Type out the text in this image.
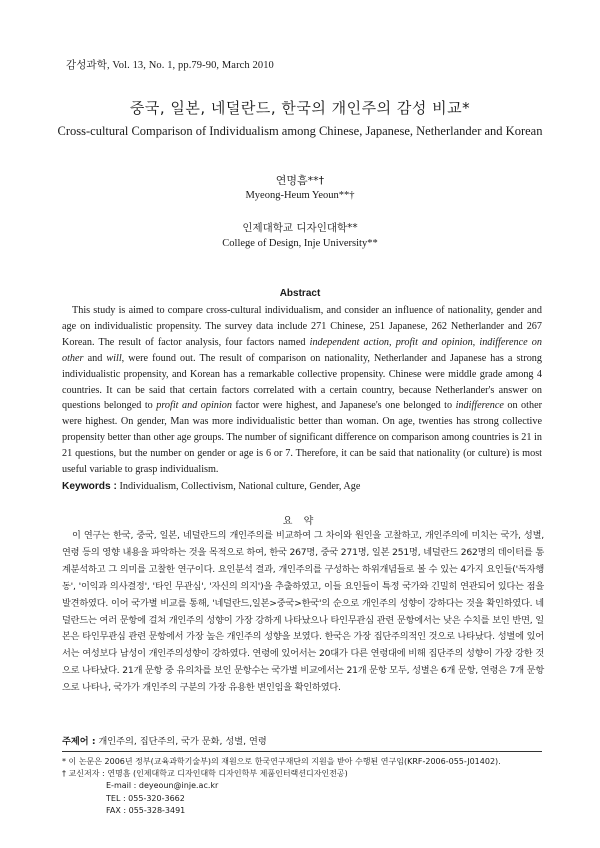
감성과학, Vol. 13, No. 1, pp.79-90, March 2010
중국, 일본, 네덜란드, 한국의 개인주의 감성 비교*
Cross-cultural Comparison of Individualism among Chinese, Japanese, Netherlander and Korean
연명흠**†
Myeong-Heum Yeoun**†
인제대학교 디자인대학**
College of Design, Inje University**
Abstract
This study is aimed to compare cross-cultural individualism, and consider an influence of nationality, gender and age on individualistic propensity. The survey data include 271 Chinese, 251 Japanese, 262 Netherlander and 267 Korean. The result of factor analysis, four factors named independent action, profit and opinion, indifference on other and will, were found out. The result of comparison on nationality, Netherlander and Japanese has a strong individualistic propensity, and Korean has a remarkable collective propensity. Chinese were middle grade among 4 countries. It can be said that certain factors correlated with a certain country, because Netherlander's answer on questions belonged to profit and opinion factor were highest, and Japanese's one belonged to indifference on other were highest. On gender, Man was more individualistic better than woman. On age, twenties has strong collective propensity better than other age groups. The number of significant difference on comparison among countries is 21 in 21 questions, but the number on gender or age is 6 or 7. Therefore, it can be said that nationality (or culture) is most useful variable to grasp individualism.
Keywords : Individualism, Collectivism, National culture, Gender, Age
요 약
이 연구는 한국, 중국, 일본, 네덜란드의 개인주의를 비교하여 그 차이와 원인을 고찰하고, 개인주의에 미치는 국가, 성별, 연령 등의 영향 내용을 파악하는 것을 목적으로 하여, 한국 267명, 중국 271명, 일본 251명, 네덜란드 262명의 데이터를 통계분석하고 그 의미를 고찰한 연구이다. 요인분석 결과, 개인주의를 구성하는 하위개념들로 볼 수 있는 4가지 요인들('독자행동', '이익과 의사결정', '타인 무관심', '자신의 의지')을 추출하였고, 이들 요인들이 특정 국가와 긴밀히 연관되어 있다는 점을 발견하였다. 이어 국가별 비교를 통해, '네덜란드,일본>중국>한국'의 순으로 개인주의 성향이 강하다는 것을 확인하였다. 네덜란드는 여러 문항에 걸쳐 개인주의 성향이 가장 강하게 나타났으나 타인무관심 관련 문항에서는 낮은 수치를 보인 반면, 일본은 타인무관심 관련 문항에서 가장 높은 개인주의 성향을 보였다. 한국은 가장 집단주의적인 것으로 나타났다. 성별에 있어서는 여성보다 남성이 개인주의성향이 강하였다. 연령에 있어서는 20대가 다른 연령대에 비해 집단주의 성향이 가장 강한 것으로 나타났다. 21개 문항 중 유의차를 보인 문항수는 국가별 비교에서는 21개 문항 모두, 성별은 6개 문항, 연령은 7개 문항으로 나타나, 국가가 개인주의 구분의 가장 유용한 변인임을 확인하였다.
주제어 : 개인주의, 집단주의, 국가 문화, 성별, 연령
* 이 논문은 2006년 정부(교육과학기술부)의 재원으로 한국연구재단의 지원을 받아 수행된 연구임(KRF-2006-055-J01402).
† 교신저자 : 연명흠 (인제대학교 디자인대학 디자인학부 제품인터랙션디자인전공)
E-mail : deyeoun@inje.ac.kr
TEL : 055-320-3662
FAX : 055-328-3491
